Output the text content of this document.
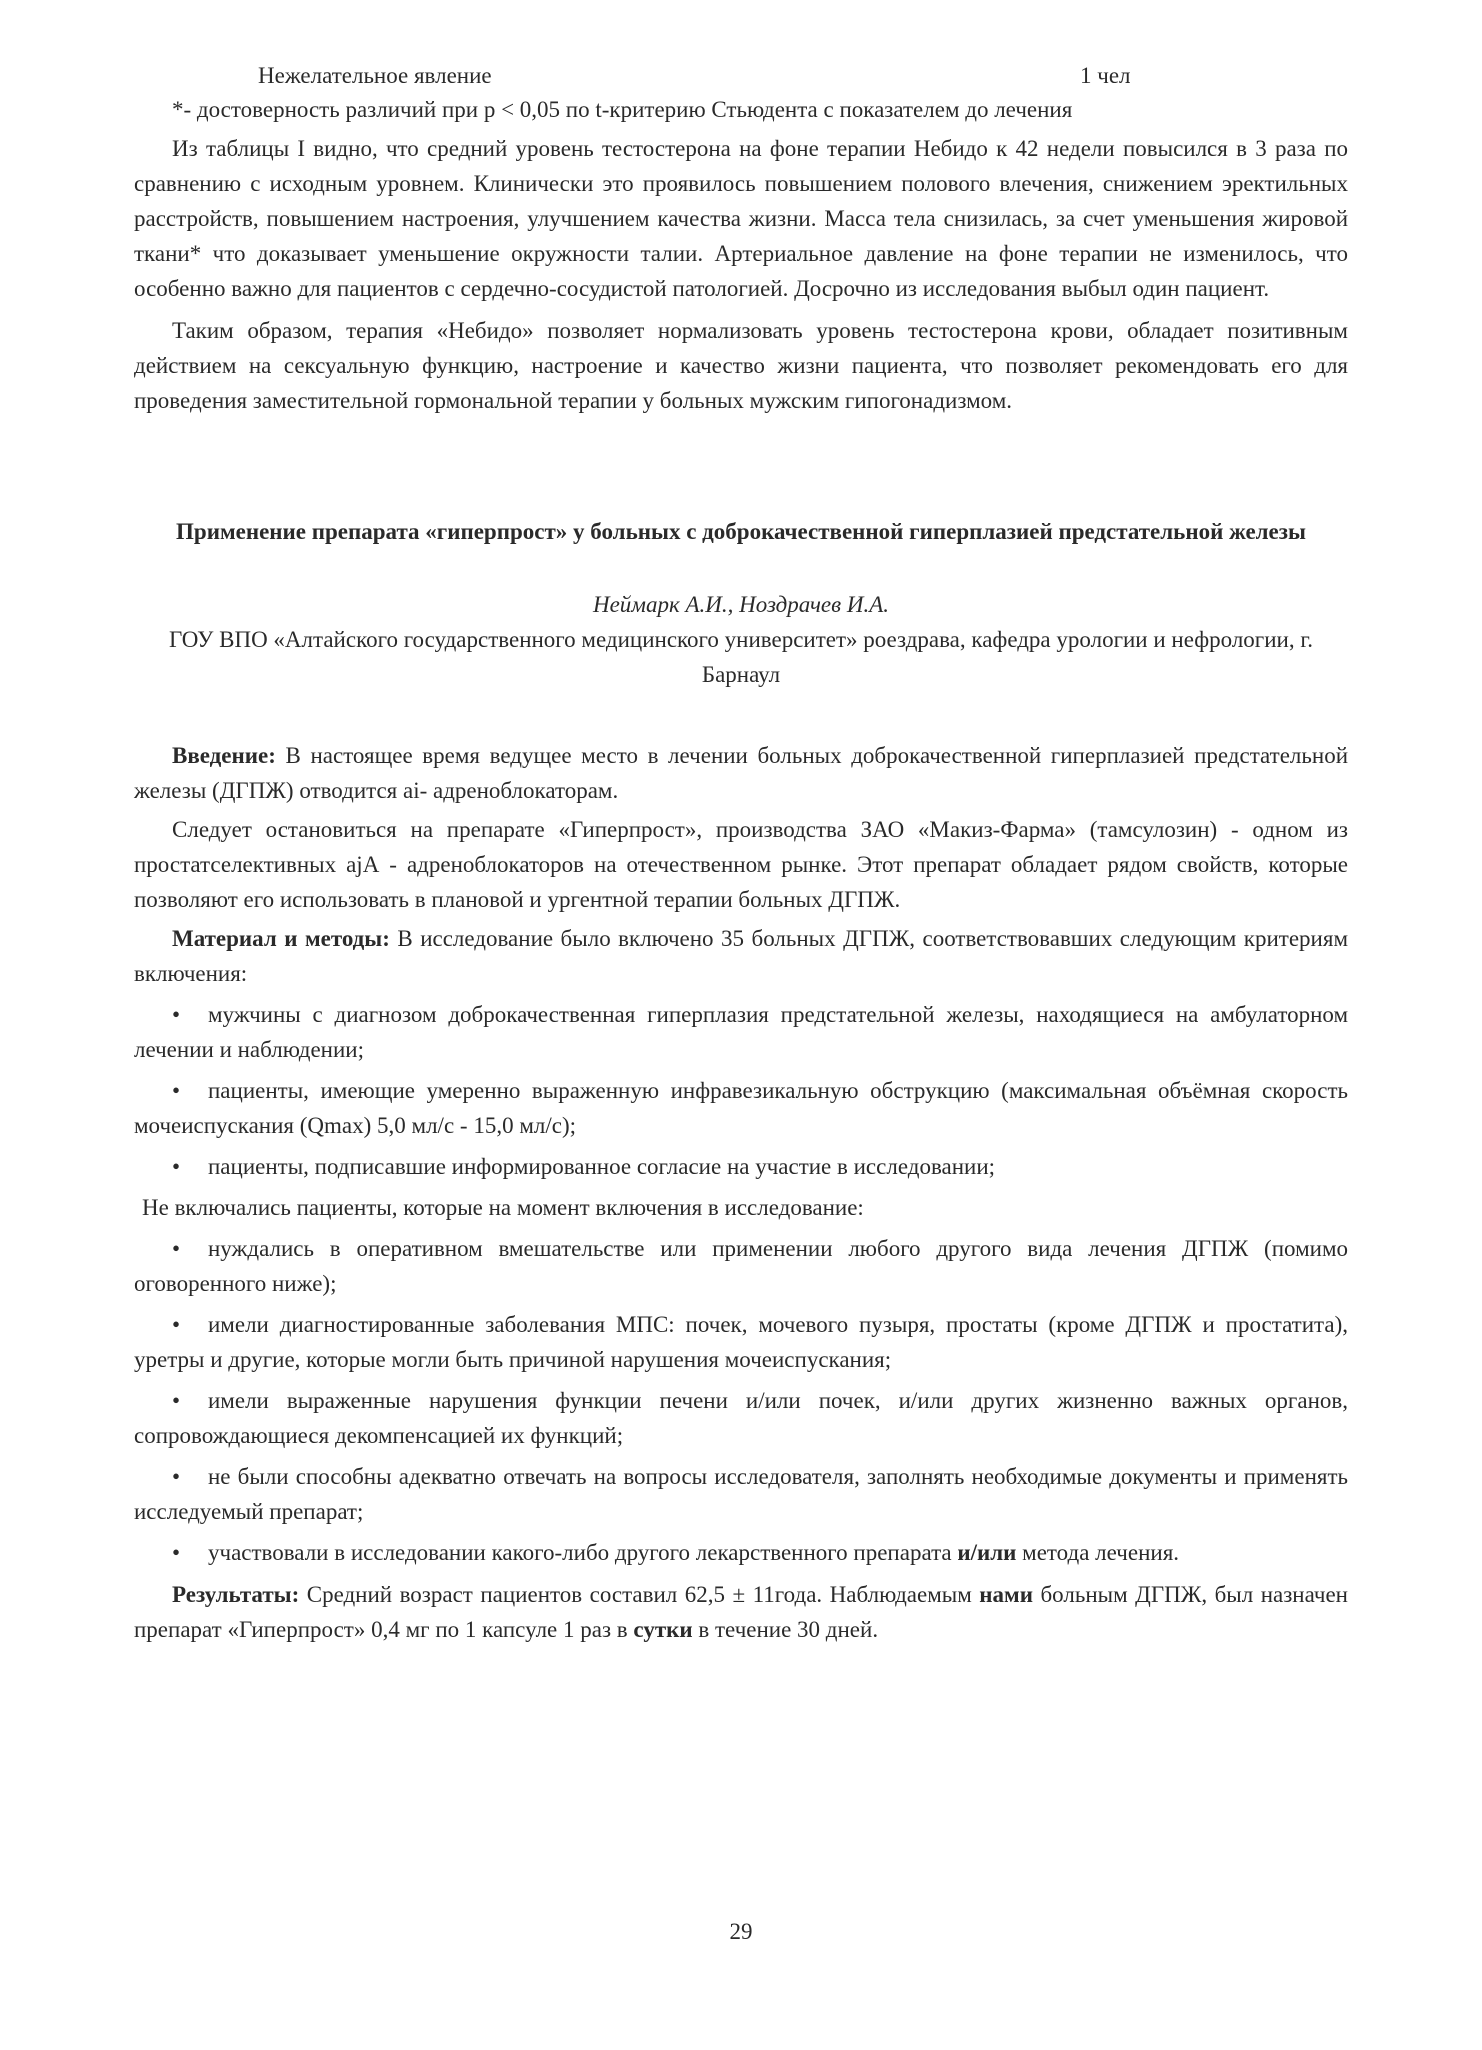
Нежелательное явление	1 чел

*- достоверность различий при p < 0,05 по t-критерию Стьюдента с показателем до лечения

Из таблицы I видно, что средний уровень тестостерона на фоне терапии Небидо к 42 недели повысился в 3 раза по сравнению с исходным уровнем. Клинически это проявилось повышением полового влечения, снижением эректильных расстройств, повышением настроения, улучшением качества жизни. Масса тела снизилась, за счет уменьшения жировой ткани* что доказывает уменьшение окружности талии. Артериальное давление на фоне терапии не изменилось, что особенно важно для пациентов с сердечно-сосудистой патологией. Досрочно из исследования выбыл один пациент.

Таким образом, терапия «Небидо» позволяет нормализовать уровень тестостерона крови, обладает позитивным действием на сексуальную функцию, настроение и качество жизни пациента, что позволяет рекомендовать его для проведения заместительной гормональной терапии у больных мужским гипогонадизмом.

Применение препарата «гиперпрост» у больных с доброкачественной гиперплазией предстательной железы

Неймарк А.И., Ноздрачев И.А.

ГОУ ВПО «Алтайского государственного медицинского университет» роездрава, кафедра урологии и нефрологии, г. Барнаул

Введение: В настоящее время ведущее место в лечении больных доброкачественной гиперплазией предстательной железы (ДГПЖ) отводится аі- адреноблокаторам.

Следует остановиться на препарате «Гиперпрост», производства ЗАО «Макиз-Фарма» (тамсулозин) - одном из простатселективных ајА - адреноблокаторов на отечественном рынке. Этот препарат обладает рядом свойств, которые позволяют его использовать в плановой и ургентной терапии больных ДГПЖ.

Материал и методы: В исследование было включено 35 больных ДГПЖ, соответствовавших следующим критериям включения:

• мужчины с диагнозом доброкачественная гиперплазия предстательной железы, находящиеся на амбулаторном лечении и наблюдении;

• пациенты, имеющие умеренно выраженную инфравезикальную обструкцию (максимальная объёмная скорость мочеиспускания (Qmax) 5,0 мл/с - 15,0 мл/с);

• пациенты, подписавшие информированное согласие на участие в исследовании;

Не включались пациенты, которые на момент включения в исследование:

• нуждались в оперативном вмешательстве или применении любого другого вида лечения ДГПЖ (помимо оговоренного ниже);

• имели диагностированные заболевания МПС: почек, мочевого пузыря, простаты (кроме ДГПЖ и простатита), уретры и другие, которые могли быть причиной нарушения мочеиспускания;

• имели выраженные нарушения функции печени и/или почек, и/или других жизненно важных органов, сопровождающиеся декомпенсацией их функций;

• не были способны адекватно отвечать на вопросы исследователя, заполнять необходимые документы и применять исследуемый препарат;

• участвовали в исследовании какого-либо другого лекарственного препарата и/или метода лечения.

Результаты: Средний возраст пациентов составил 62,5 ± 11года. Наблюдаемым нами больным ДГПЖ, был назначен препарат «Гиперпрост» 0,4 мг по 1 капсуле 1 раз в сутки в течение 30 дней.

29
